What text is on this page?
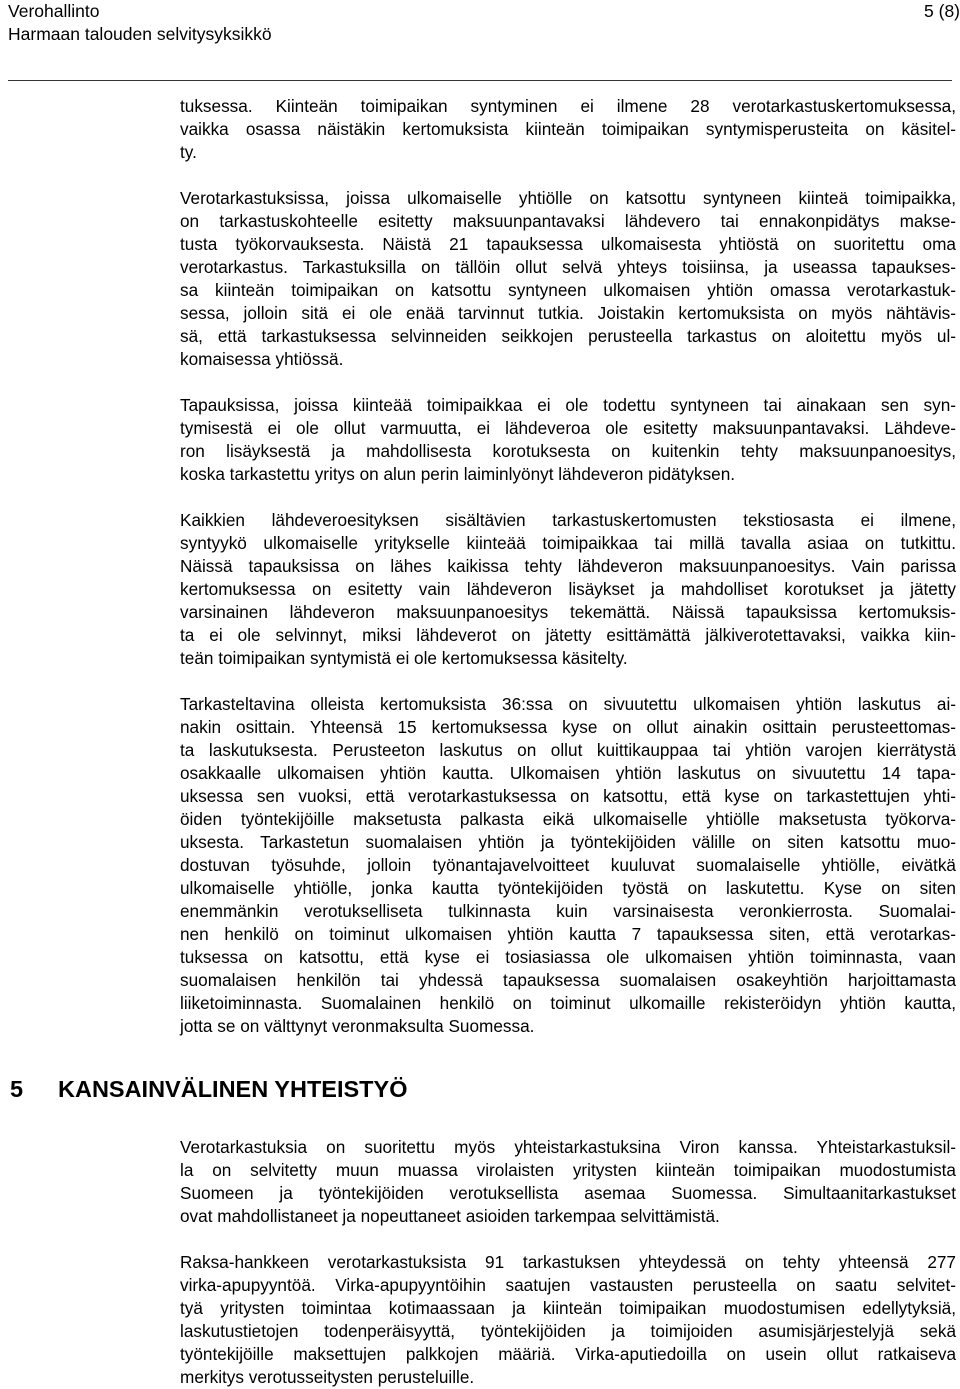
Verohallinto
Harmaan talouden selvitysyksikkö
5 (8)
tuksessa. Kiinteän toimipaikan syntyminen ei ilmene 28 verotarkastuskertomuksessa,
vaikka osassa näistäkin kertomuksista kiinteän toimipaikan syntymisperusteita on käsitel-
ty.
Verotarkastuksissa, joissa ulkomaiselle yhtiölle on katsottu syntyneen kiinteä toimipaikka,
on tarkastuskohteelle esitetty maksuunpantavaksi lähdevero tai ennakonpidätys makse-
tusta työkorvauksesta. Näistä 21 tapauksessa ulkomaisesta yhtiöstä on suoritettu oma
verotarkastus. Tarkastuksilla on tällöin ollut selvä yhteys toisiinsa, ja useassa tapaukses-
sa kiinteän toimipaikan on katsottu syntyneen ulkomaisen yhtiön omassa verotarkastuk-
sessa, jolloin sitä ei ole enää tarvinnut tutkia. Joistakin kertomuksista on myös nähtävis-
sä, että tarkastuksessa selvinneiden seikkojen perusteella tarkastus on aloitettu myös ul-
komaisessa yhtiössä.
Tapauksissa, joissa kiinteää toimipaikkaa ei ole todettu syntyneen tai ainakaan sen syn-
tymisestä ei ole ollut varmuutta, ei lähdeveroa ole esitetty maksuunpantavaksi. Lähdeve-
ron lisäyksestä ja mahdollisesta korotuksesta on kuitenkin tehty maksuunpanoesitys,
koska tarkastettu yritys on alun perin laiminlyönyt lähdeveron pidätyksen.
Kaikkien lähdeveroesityksen sisältävien tarkastuskertomusten tekstiosasta ei ilmene,
syntyykö ulkomaiselle yritykselle kiinteää toimipaikkaa tai millä tavalla asiaa on tutkittu.
Näissä tapauksissa on lähes kaikissa tehty lähdeveron maksuunpanoesitys. Vain parissa
kertomuksessa on esitetty vain lähdeveron lisäykset ja mahdolliset korotukset ja jätetty
varsinainen lähdeveron maksuunpanoesitys tekemättä. Näissä tapauksissa kertomuksis-
ta ei ole selvinnyt, miksi lähdeverot on jätetty esittämättä jälkiverotettavaksi, vaikka kiin-
teän toimipaikan syntymistä ei ole kertomuksessa käsitelty.
Tarkasteltavina olleista kertomuksista 36:ssa on sivuutettu ulkomaisen yhtiön laskutus ai-
nakin osittain. Yhteensä 15 kertomuksessa kyse on ollut ainakin osittain perusteettomas-
ta laskutuksesta. Perusteeton laskutus on ollut kuittikauppaa tai yhtiön varojen kierrätystä
osakkaalle ulkomaisen yhtiön kautta. Ulkomaisen yhtiön laskutus on sivuutettu 14 tapa-
uksessa sen vuoksi, että verotarkastuksessa on katsottu, että kyse on tarkastettujen yhti-
öiden työntekijöille maksetusta palkasta eikä ulkomaiselle yhtiölle maksetusta työkorva-
uksesta. Tarkastetun suomalaisen yhtiön ja työntekijöiden välille on siten katsottu muo-
dostuvan työsuhde, jolloin työnantajavelvoitteet kuuluvat suomalaiselle yhtiölle, eivätkä
ulkomaiselle yhtiölle, jonka kautta työntekijöiden työstä on laskutettu. Kyse on siten
enemmänkin verotukselliseta tulkinnasta kuin varsinaisesta veronkierrosta. Suomalai-
nen henkilö on toiminut ulkomaisen yhtiön kautta 7 tapauksessa siten, että verotarkas-
tuksessa on katsottu, että kyse ei tosiasiassa ole ulkomaisen yhtiön toiminnasta, vaan
suomalaisen henkilön tai yhdessä tapauksessa suomalaisen osakeyhtiön harjoittamasta
liiketoiminnasta. Suomalainen henkilö on toiminut ulkomaille rekisteröidyn yhtiön kautta,
jotta se on välttynyt veronmaksulta Suomessa.
5 KANSAINVÄLINEN YHTEISTYÖ
Verotarkastuksia on suoritettu myös yhteistarkastuksina Viron kanssa. Yhteistarkastuksil-
la on selvitetty muun muassa virolaisten yritysten kiinteän toimipaikan muodostumista
Suomeen ja työntekijöiden verotuksellista asemaa Suomessa. Simultaanitarkastukset
ovat mahdollistaneet ja nopeuttaneet asioiden tarkempaa selvittämistä.
Raksa-hankkeen verotarkastuksista 91 tarkastuksen yhteydessä on tehty yhteensä 277
virka-apupyyntöä. Virka-apupyyntöihin saatujen vastausten perusteella on saatu selvitet-
tyä yritysten toimintaa kotimaassaan ja kiinteän toimipaikan muodostumisen edellytyksiä,
laskutustietojen todenperäisyyttä, työntekijöiden ja toimijoiden asumisjärjestelyjä sekä
työntekijöille maksettujen palkkojen määriä. Virka-aputiedoilla on usein ollut ratkaiseva
merkitys verotusseitysten perusteluille.
